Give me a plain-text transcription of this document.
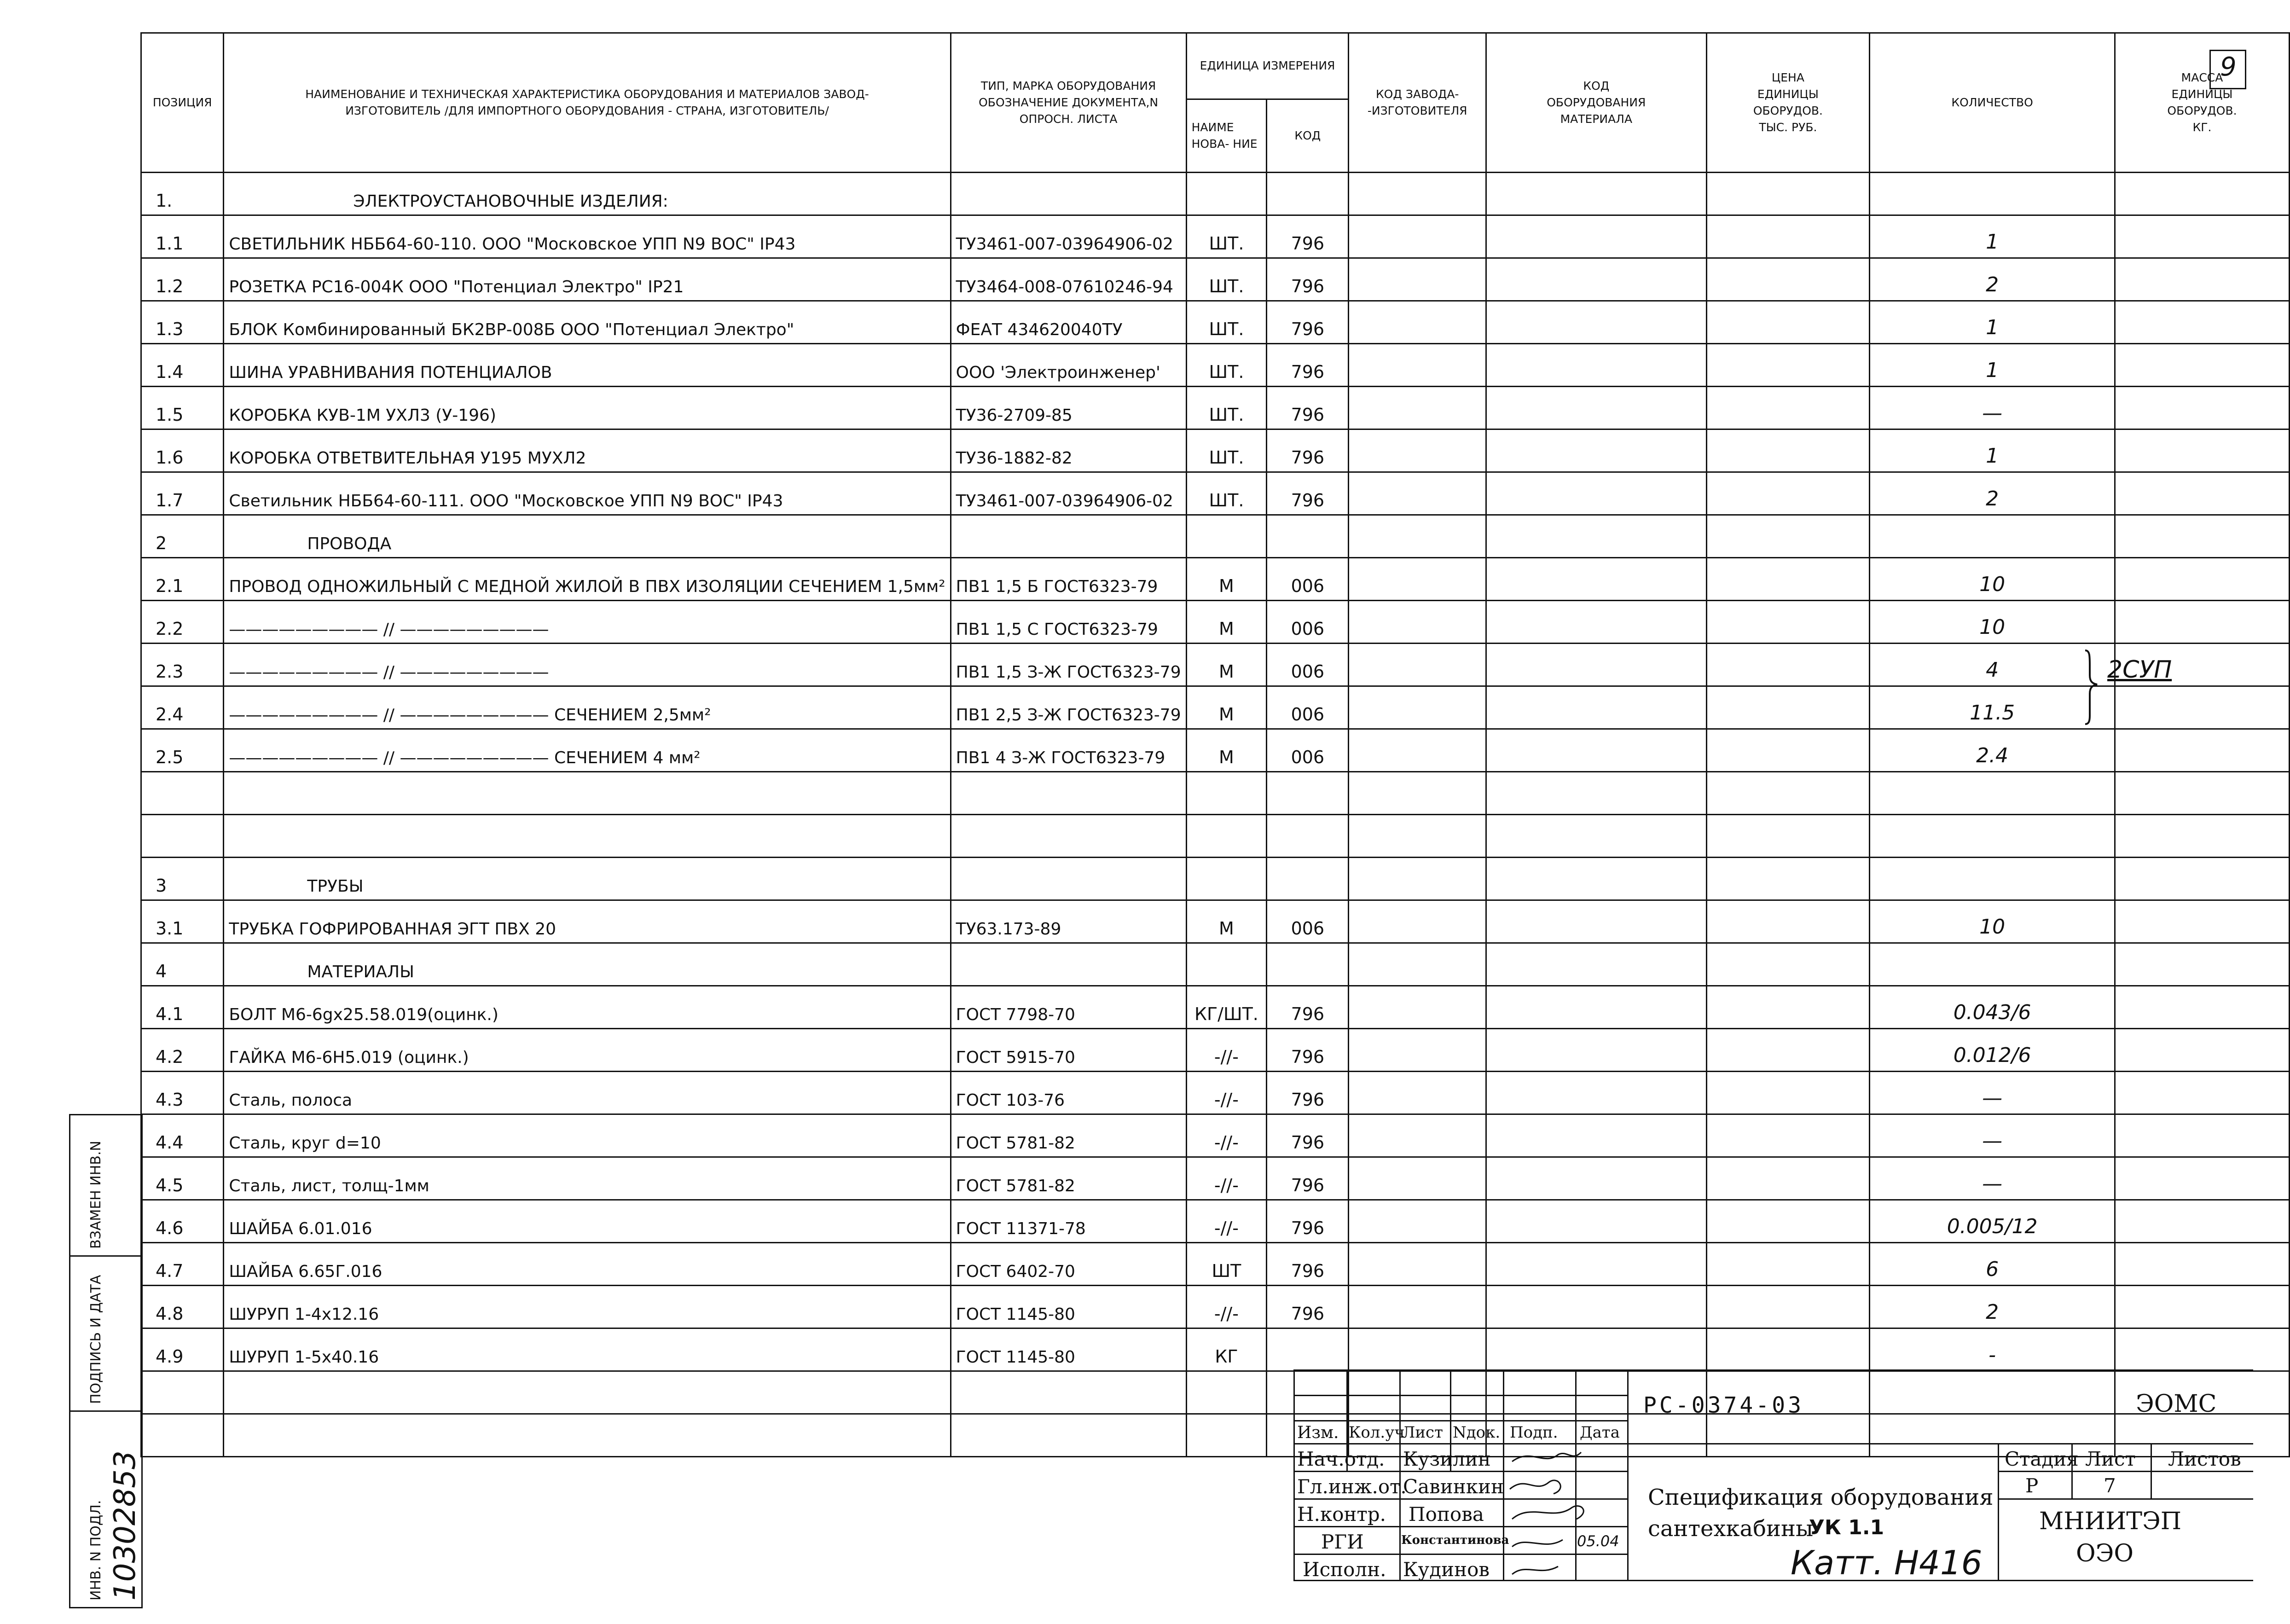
9
ПОЗИЦИЯ	НАИМЕНОВАНИЕ И ТЕХНИЧЕСКАЯ ХАРАКТЕРИСТИКА ОБОРУДОВАНИЯ И МАТЕРИАЛОВ ЗАВОД-ИЗГОТОВИТЕЛЬ /ДЛЯ ИМПОРТНОГО ОБОРУДОВАНИЯ - СТРАНА, ИЗГОТОВИТЕЛЬ/	ТИП, МАРКА ОБОРУДОВАНИЯ ОБОЗНАЧЕНИЕ ДОКУМЕНТА,N ОПРОСН. ЛИСТА	ЕДИНИЦА ИЗМЕРЕНИЯ		КОД ЗАВОДА- -ИЗГОТОВИТЕЛЯ	КОД ОБОРУДОВАНИЯ МАТЕРИАЛА	ЦЕНА ЕДИНИЦЫ ОБОРУДОВ. ТЫС. РУБ.	КОЛИЧЕСТВО	МАССА ЕДИНИЦЫ ОБОРУДОВ. КГ.
			НАИМЕ НОВА- НИЕ	КОД					
1.	ЭЛЕКТРОУСТАНОВОЧНЫЕ ИЗДЕЛИЯ:								
1.1	СВЕТИЛЬНИК НББ64-60-110. ООО "Московское УПП N9 ВОС" IP43	ТУ3461-007-03964906-02	ШТ.	796				1	
1.2	РОЗЕТКА РС16-004К ООО "Потенциал Электро" IP21	ТУ3464-008-07610246-94	ШТ.	796				2	
1.3	БЛОК Комбинированный БК2ВР-008Б ООО "Потенциал Электро"	ФЕАТ 434620040ТУ	ШТ.	796				1	
1.4	ШИНА УРАВНИВАНИЯ ПОТЕНЦИАЛОВ	ООО 'Электроинженер'	ШТ.	796				1	
1.5	КОРОБКА КУВ-1М УХЛ3 (У-196)	ТУ36-2709-85	ШТ.	796				—	
1.6	КОРОБКА ОТВЕТВИТЕЛЬНАЯ У195 МУХЛ2	ТУ36-1882-82	ШТ.	796				1	
1.7	Светильник НББ64-60-111. ООО "Московское УПП N9 ВОС" IP43	ТУ3461-007-03964906-02	ШТ.	796				2	
2	ПРОВОДА								
2.1	ПРОВОД ОДНОЖИЛЬНЫЙ С МЕДНОЙ ЖИЛОЙ В ПВХ ИЗОЛЯЦИИ СЕЧЕНИЕМ 1,5мм²	ПВ1 1,5 Б ГОСТ6323-79	М	006				10	
2.2	————————— // —————————	ПВ1 1,5 С ГОСТ6323-79	М	006				10	
2.3	————————— // —————————	ПВ1 1,5 З-Ж ГОСТ6323-79	М	006				4	
2.4	————————— // ————————— СЕЧЕНИЕМ 2,5мм²	ПВ1 2,5 З-Ж ГОСТ6323-79	М	006				11.5	
2.5	————————— // ————————— СЕЧЕНИЕМ 4 мм²	ПВ1 4 З-Ж ГОСТ6323-79	М	006				2.4	

3	ТРУБЫ								
3.1	ТРУБКА ГОФРИРОВАННАЯ ЭГТ ПВХ 20	ТУ63.173-89	М	006				10	
4	МАТЕРИАЛЫ								
4.1	БОЛТ М6-6gх25.58.019(оцинк.)	ГОСТ 7798-70	КГ/ШТ.	796				0.043/6	
4.2	ГАЙКА М6-6Н5.019 (оцинк.)	ГОСТ 5915-70	-//-	796				0.012/6	
4.3	Сталь, полоса	ГОСТ 103-76	-//-	796				—	
4.4	Сталь, круг d=10	ГОСТ 5781-82	-//-	796				—	
4.5	Сталь, лист, толщ-1мм	ГОСТ 5781-82	-//-	796				—	
4.6	ШАЙБА 6.01.016	ГОСТ 11371-78	-//-	796				0.005/12	
4.7	ШАЙБА 6.65Г.016	ГОСТ 6402-70	ШТ	796				6	
4.8	ШУРУП 1-4х12.16	ГОСТ 1145-80	-//-	796				2	
4.9	ШУРУП 1-5х40.16	ГОСТ 1145-80	КГ					-	

2СУП
ВЗАМЕН ИНВ.N
ПОДПИСЬ И ДАТА
ИНВ. N ПОДЛ. 10302853
Изм. Кол.уч
Лист Nдок. Подп. Дата
Нач.отд. Кузилин
Гл.инж.от.
Савинкин
Н.контр. Попова
РГИ	Константинова	05.04
Исполн. Кудинов
РС-0374-03	ЭОМС
Стадия Лист Листов
Р	7
Спецификация оборудования
сантехкабины
УК 1.1
Катт. Н416
МНИИТЭП
ОЭО
